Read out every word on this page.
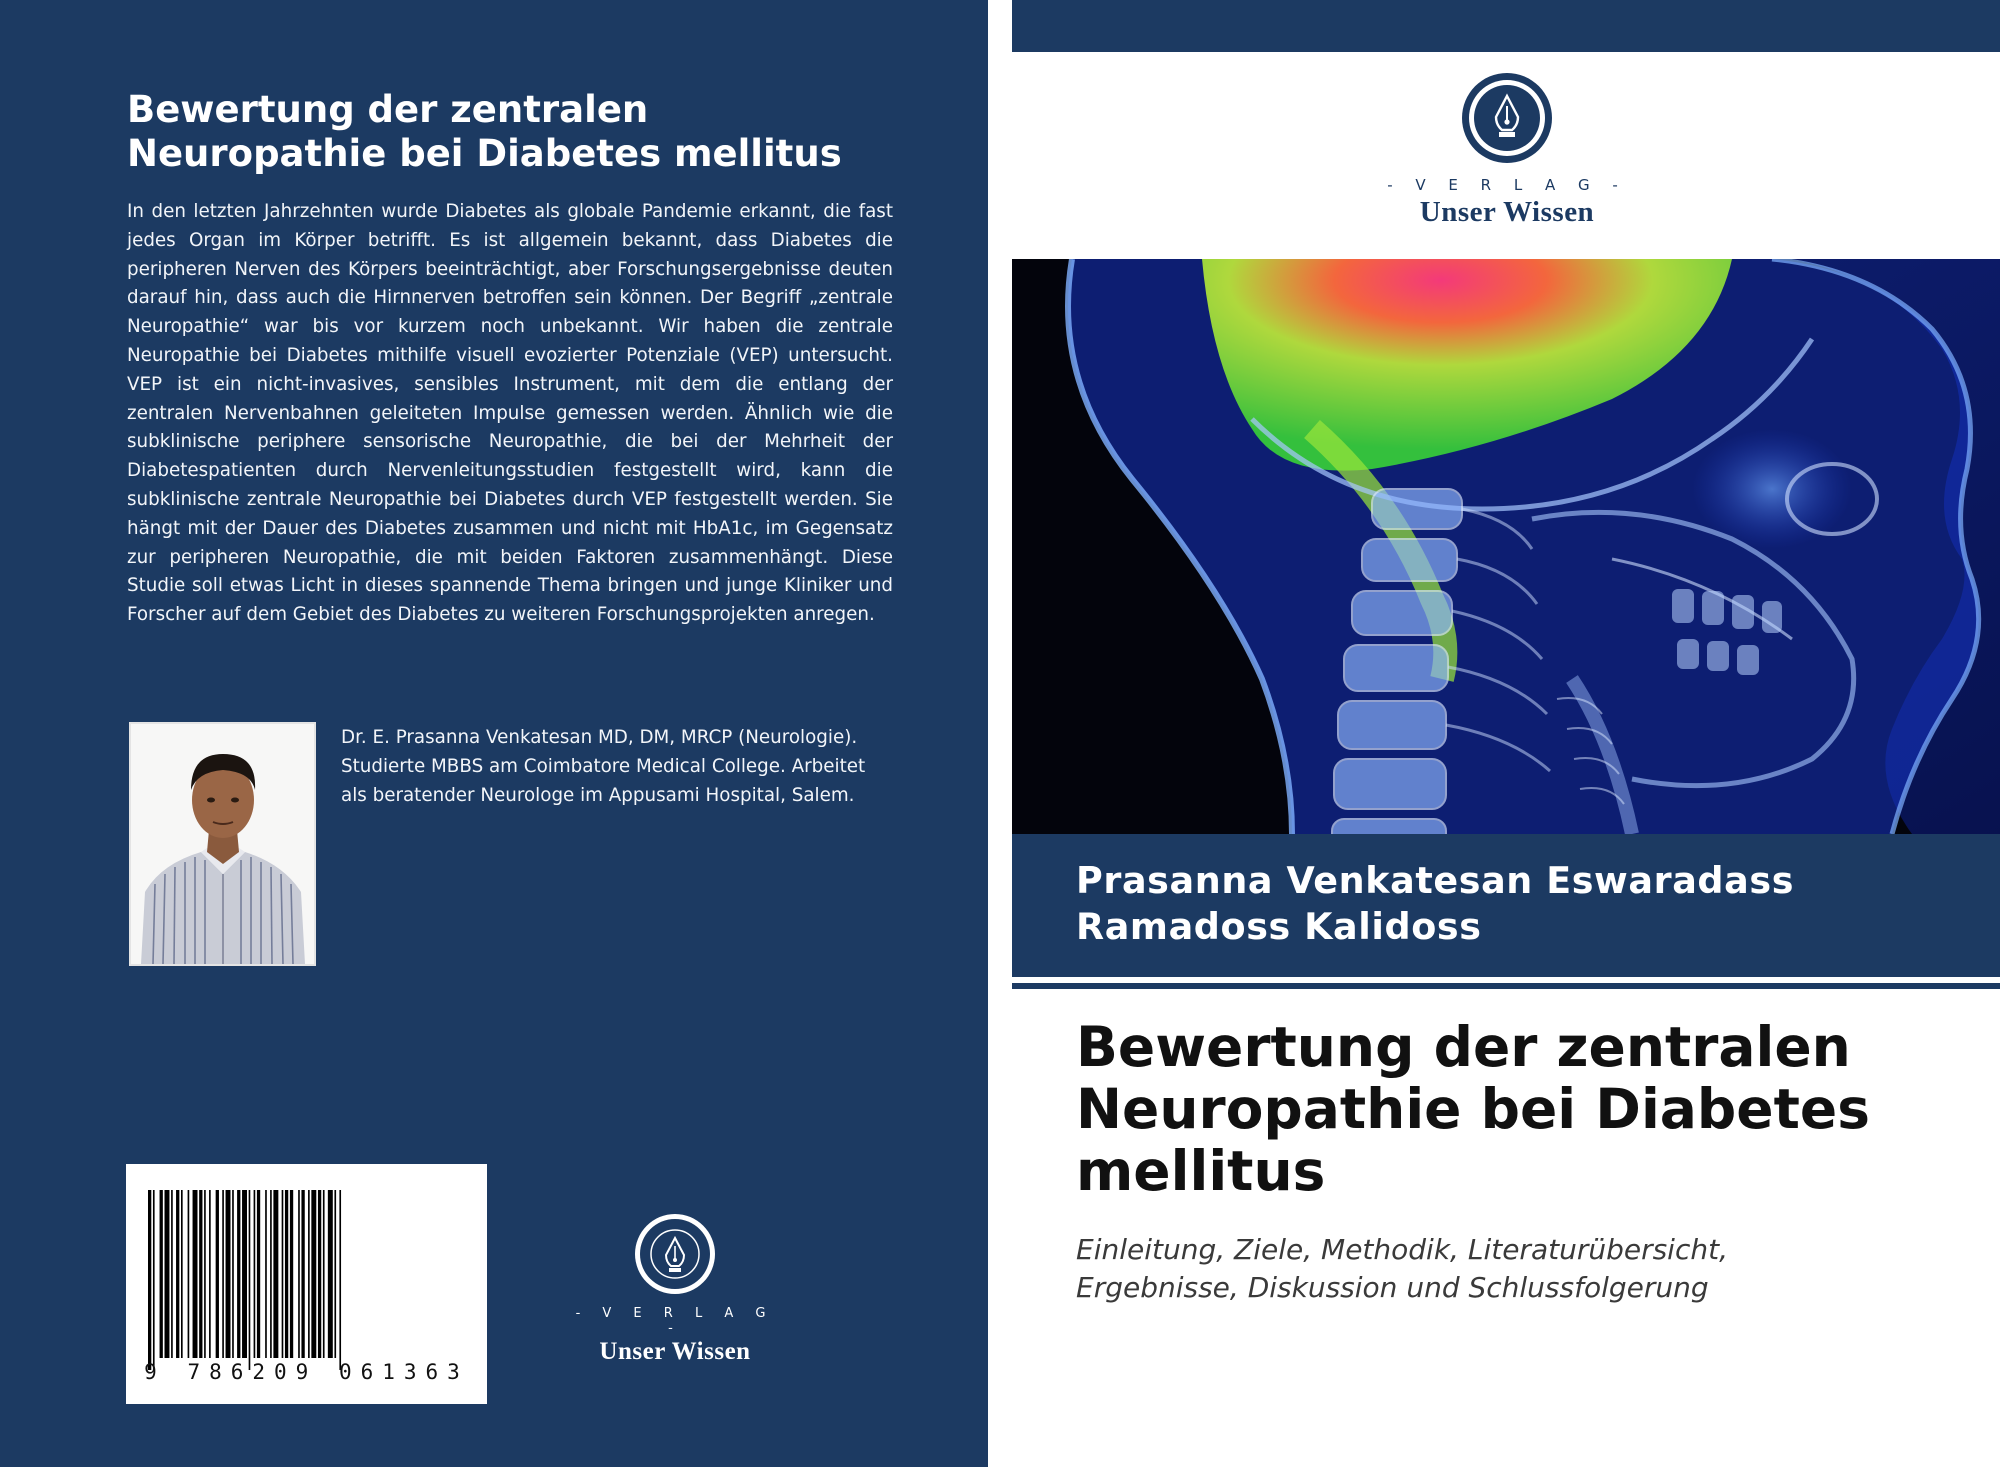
Bewertung der zentralen
Neuropathie bei Diabetes mellitus

In den letzten Jahrzehnten wurde Diabetes als globale Pandemie erkannt, die fast jedes Organ im Körper betrifft. Es ist allgemein bekannt, dass Diabetes die peripheren Nerven des Körpers beeinträchtigt, aber Forschungsergebnisse deuten darauf hin, dass auch die Hirnnerven betroffen sein können. Der Begriff „zentrale Neuropathie“ war bis vor kurzem noch unbekannt. Wir haben die zentrale Neuropathie bei Diabetes mithilfe visuell evozierter Potenziale (VEP) untersucht. VEP ist ein nicht-invasives, sensibles Instrument, mit dem die entlang der zentralen Nervenbahnen geleiteten Impulse gemessen werden. Ähnlich wie die subklinische periphere sensorische Neuropathie, die bei der Mehrheit der Diabetespatienten durch Nervenleitungsstudien festgestellt wird, kann die subklinische zentrale Neuropathie bei Diabetes durch VEP festgestellt werden. Sie hängt mit der Dauer des Diabetes zusammen und nicht mit HbA1c, im Gegensatz zur peripheren Neuropathie, die mit beiden Faktoren zusammenhängt. Diese Studie soll etwas Licht in dieses spannende Thema bringen und junge Kliniker und Forscher auf dem Gebiet des Diabetes zu weiteren Forschungsprojekten anregen.

Dr. E. Prasanna Venkatesan MD, DM, MRCP (Neurologie).
Studierte MBBS am Coimbatore Medical College. Arbeitet
als beratender Neurologe im Appusami Hospital, Salem.

9 786209 061363
- V E R L A G -
Unser Wissen
- V E R L A G -
Unser Wissen

Prasanna Venkatesan Eswaradass
Ramadoss Kalidoss

Bewertung der zentralen
Neuropathie bei Diabetes
mellitus

Einleitung, Ziele, Methodik, Literaturübersicht,
Ergebnisse, Diskussion und Schlussfolgerung
